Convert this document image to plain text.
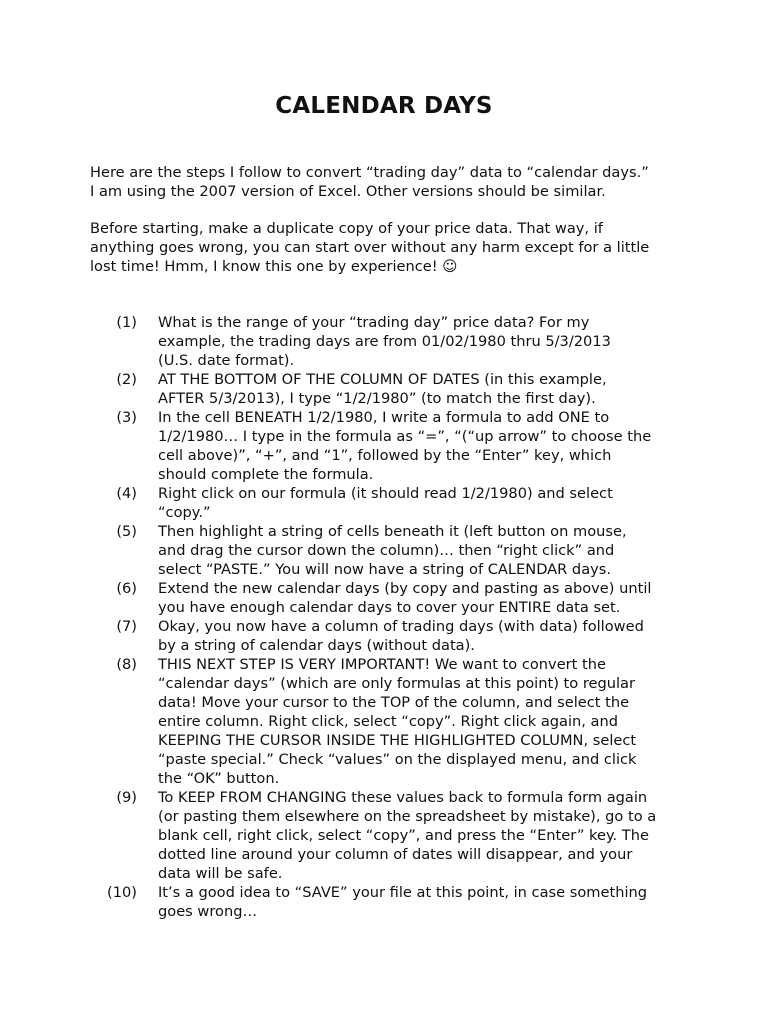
CALENDAR DAYS

Here are the steps I follow to convert “trading day” data to “calendar days.”
I am using the 2007 version of Excel. Other versions should be similar.

Before starting, make a duplicate copy of your price data. That way, if
anything goes wrong, you can start over without any harm except for a little
lost time! Hmm, I know this one by experience! ☺

(1) What is the range of your “trading day” price data? For my
example, the trading days are from 01/02/1980 thru 5/3/2013
(U.S. date format).
(2) AT THE BOTTOM OF THE COLUMN OF DATES (in this example,
AFTER 5/3/2013), I type “1/2/1980” (to match the first day).
(3) In the cell BENEATH 1/2/1980, I write a formula to add ONE to
1/2/1980… I type in the formula as “=”, “(“up arrow” to choose the
cell above)”, “+”, and “1”, followed by the “Enter” key, which
should complete the formula.
(4) Right click on our formula (it should read 1/2/1980) and select
“copy.”
(5) Then highlight a string of cells beneath it (left button on mouse,
and drag the cursor down the column)… then “right click” and
select “PASTE.” You will now have a string of CALENDAR days.
(6) Extend the new calendar days (by copy and pasting as above) until
you have enough calendar days to cover your ENTIRE data set.
(7) Okay, you now have a column of trading days (with data) followed
by a string of calendar days (without data).
(8) THIS NEXT STEP IS VERY IMPORTANT! We want to convert the
“calendar days” (which are only formulas at this point) to regular
data! Move your cursor to the TOP of the column, and select the
entire column. Right click, select “copy”. Right click again, and
KEEPING THE CURSOR INSIDE THE HIGHLIGHTED COLUMN, select
“paste special.” Check “values” on the displayed menu, and click
the “OK” button.
(9) To KEEP FROM CHANGING these values back to formula form again
(or pasting them elsewhere on the spreadsheet by mistake), go to a
blank cell, right click, select “copy”, and press the “Enter” key. The
dotted line around your column of dates will disappear, and your
data will be safe.
(10) It’s a good idea to “SAVE” your file at this point, in case something
goes wrong…
